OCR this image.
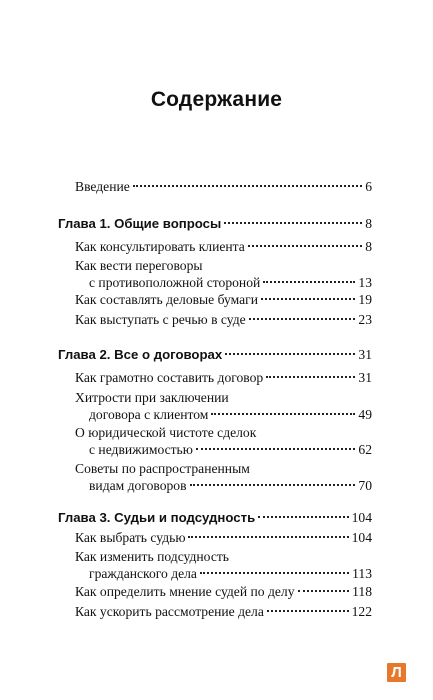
Содержание
Введение	6
Глава 1. Общие вопросы	8
Как консультировать клиента	8
Как вести переговоры
с противоположной стороной	13
Как составлять деловые бумаги	19
Как выступать с речью в суде	23
Глава 2. Все о договорах	31
Как грамотно составить договор	31
Хитрости при заключении
договора с клиентом	49
О юридической чистоте сделок
с недвижимостью	62
Советы по распространенным
видам договоров	70
Глава 3. Судьи и подсудность	104
Как выбрать судью	104
Как изменить подсудность
гражданского дела	113
Как определить мнение судей по делу	118
Как ускорить рассмотрение дела	122
Л
